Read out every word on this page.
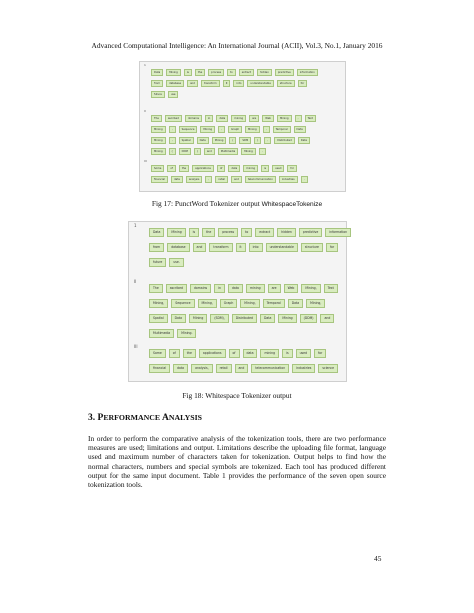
Advanced Computational Intelligence: An International Journal (ACII), Vol.3, No.1, January 2016
1
Data	Mining	is	the	process	to	extract	hidden	predictive	information
from	database	and	transform	it	into	understandable	structure	for
future	use
II
The	ascribed	domains	in	data	mining	are	Web	Mining	,	Text
Mining	,	Sequence	Mining	,	Graph	Mining	,	Temporal	Data
Mining	,	Spatial	Data	Mining	(	SDM	)	,	Distributed	Data
Mining	(	DDM	)	and	Multimedia	Mining	.
III
Some	of	the	applications	of	data	mining	is	used	for
financial	data	analysis	,	retail	and	telecommunication	industries	.
Fig 17: PunctWord Tokenizer output WhitespaceTokenize
1
Data	Mining	is	the	process	to	extract	hidden	predictive	information
from	database	and	transform	it	into	understandable	structure	for
future	use.
II
The	ascribed	domains	in	data	mining	are	Web	Mining,	Text
Mining,	Sequence	Mining,	Graph	Mining,	Temporal	Data	Mining,
Spatial	Data	Mining	(SDM),	Distributed	Data	Mining	(DDM)	and
Multimedia	Mining.
III
Some	of	the	applications	of	data	mining	is	used	for
financial	data	analysis,	retail	and	telecommunication	industries	science
Fig 18: Whitespace Tokenizer output
3. PERFORMANCE ANALYSIS
In order to perform the comparative analysis of the tokenization tools, there are two performance measures are used; limitations and output. Limitations describe the uploading file format, language used and maximum number of characters taken for tokenization. Output helps to find how the normal characters, numbers and special symbols are tokenized. Each tool has produced different output for the same input document. Table 1 provides the performance of the seven open source tokenization tools.
45
